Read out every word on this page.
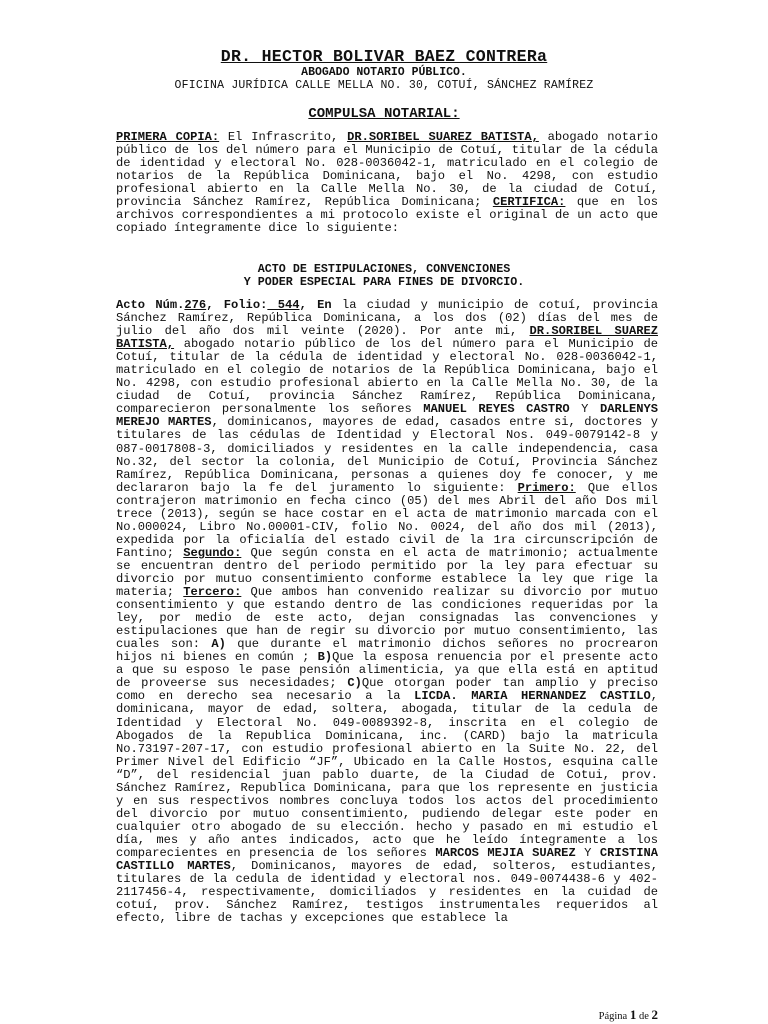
DR. HECTOR BOLIVAR BAEZ CONTRERa
ABOGADO NOTARIO PÚBLICO.
OFICINA JURÍDICA CALLE MELLA NO. 30, COTUÍ, SÁNCHEZ RAMÍREZ
COMPULSA NOTARIAL:

PRIMERA COPIA: El Infrascrito, DR.SORIBEL SUAREZ BATISTA, abogado notario público de los del número para el Municipio de Cotuí, titular de la cédula de identidad y electoral No. 028-0036042-1, matriculado en el colegio de notarios de la República Dominicana, bajo el No. 4298, con estudio profesional abierto en la Calle Mella No. 30, de la ciudad de Cotuí, provincia Sánchez Ramírez, República Dominicana; CERTIFICA: que en los archivos correspondientes a mi protocolo existe el original de un acto que copiado íntegramente dice lo siguiente:

ACTO DE ESTIPULACIONES, CONVENCIONES
Y PODER ESPECIAL PARA FINES DE DIVORCIO.

Acto Núm.276, Folio: 544, En la ciudad y municipio de cotuí, provincia Sánchez Ramírez, República Dominicana, a los dos (02) días del mes de julio del año dos mil veinte (2020). Por ante mi, DR.SORIBEL SUAREZ BATISTA, abogado notario público de los del número para el Municipio de Cotuí, titular de la cédula de identidad y electoral No. 028-0036042-1, matriculado en el colegio de notarios de la República Dominicana, bajo el No. 4298, con estudio profesional abierto en la Calle Mella No. 30, de la ciudad de Cotuí, provincia Sánchez Ramírez, República Dominicana, comparecieron personalmente los señores MANUEL REYES CASTRO Y DARLENYS MEREJO MARTES, dominicanos, mayores de edad, casados entre si, doctores y titulares de las cédulas de Identidad y Electoral Nos. 049-0079142-8 y 087-0017808-3, domiciliados y residentes en la calle independencia, casa No.32, del sector la colonia, del Municipio de Cotuí, Provincia Sánchez Ramírez, República Dominicana, personas a quienes doy fe conocer, y me declararon bajo la fe del juramento lo siguiente: Primero: Que ellos contrajeron matrimonio en fecha cinco (05) del mes Abril del año Dos mil trece (2013), según se hace costar en el acta de matrimonio marcada con el No.000024, Libro No.00001-CIV, folio No. 0024, del año dos mil (2013), expedida por la oficialía del estado civil de la 1ra circunscripción de Fantino; Segundo: Que según consta en el acta de matrimonio; actualmente se encuentran dentro del periodo permitido por la ley para efectuar su divorcio por mutuo consentimiento conforme establece la ley que rige la materia; Tercero: Que ambos han convenido realizar su divorcio por mutuo consentimiento y que estando dentro de las condiciones requeridas por la ley, por medio de este acto, dejan consignadas las convenciones y estipulaciones que han de regir su divorcio por mutuo consentimiento, las cuales son: A) que durante el matrimonio dichos señores no procrearon hijos ni bienes en común ; B)Que la esposa renuencia por el presente acto a que su esposo le pase pensión alimenticia, ya que ella está en aptitud de proveerse sus necesidades; C)Que otorgan poder tan amplio y preciso como en derecho sea necesario a la LICDA. MARIA HERNANDEZ CASTILO, dominicana, mayor de edad, soltera, abogada, titular de la cedula de Identidad y Electoral No. 049-0089392-8, inscrita en el colegio de Abogados de la Republica Dominicana, inc. (CARD) bajo la matricula No.73197-207-17, con estudio profesional abierto en la Suite No. 22, del Primer Nivel del Edificio “JF”, Ubicado en la Calle Hostos, esquina calle “D”, del residencial juan pablo duarte, de la Ciudad de Cotui, prov. Sánchez Ramírez, Republica Dominicana, para que los represente en justicia y en sus respectivos nombres concluya todos los actos del procedimiento del divorcio por mutuo consentimiento, pudiendo delegar este poder en cualquier otro abogado de su elección. hecho y pasado en mi estudio el día, mes y año antes indicados, acto que he leído íntegramente a los comparecientes en presencia de los señores MARCOS MEJIA SUAREZ Y CRISTINA CASTILLO MARTES, Dominicanos, mayores de edad, solteros, estudiantes, titulares de la cedula de identidad y electoral nos. 049-0074438-6 y 402-2117456-4, respectivamente, domiciliados y residentes en la cuidad de cotuí, prov. Sánchez Ramírez, testigos instrumentales requeridos al efecto, libre de tachas y excepciones que establece la

Página 1 de 2
